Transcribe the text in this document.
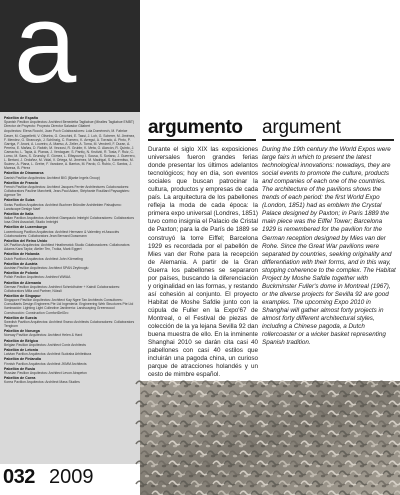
a
Pabellón de España
Spanish Pavilion Arquitectos: Architect Benedetta Tagliabue (Miralles Tagliabue EMBT) Director de Proyecto: Proyecto Director Salvador Gilabert
Arquitectos: Elena Rocchi, Joan Poch Colaboradores: Lola Domènech, M. Fabrice Daver, M. Cappelletti, V. Oliveira, G. Cecchini, E. Tassi, J. Loh, G. Scherer, M. Jiménez, F. Mendez, G. Stranczyk, J. Schlinzig, C. Romero, K. Arregui, A. Torrado, A. Pinto, P. Garriga, F. Anoni, A. Loureiro, A. Maeso, A. Zeiler, A. Toma, M. Vendrell, F. Duran, A. Pereira, E. Mañas, D. Rafoth, M. Vezzosi, R. Grubbr, K. Meta, O. Alarcón, R. Quinto, J. Camacho, L. Tapia, A. Planas, J. Verdaguer, S. Pantiç, N. Krutizki, R. Tosta, F. Ruiz, C. Lomo, M. Sans, S. Grunsky, E. Gómez, L. Elfayoumy, I. Sousa, S. Soriano, J. Guerrero, L. Bertani, J. Ordoñez, M. Vidal, V. Ortega, M. Jiménez, M. Madrigal, S. Kanemitsu, M. Suárez, A. Plana, L. Grebe, F. Vandone, A. Barrios, M. Pardo, G. Rubio, C. Santos, J. Mareza, B. Pérez
Pabellón de Dinamarca
Danish Pavilion Arquitectos: Architect BIG (Bjarke Ingels Group)
Pabellón de Francia
French Pavilion Arquitectos: Architect Jacques Ferrier Architectures Colaboradores: Collaborators Pauline Marchetti, Jean-Paul Adam, Stéphanie Rouillard Paysagistes: Agence Ter
Pabellón de Suiza
Swiss Pavilion Arquitectos: Architect Buchner Bründler Architekten Paisajismo: Landscape Design Naef
Pabellón de Italia
Italian Pavilion Arquitectos: Architect Giampaolo Imbrighi Colaboradores: Collaborators Iosa Ghini Associati, Studio Imbrighi
Pabellón de Luxemburgo
Luxembourg Pavilion Arquitectos: Architect Hermann & Valentiny et Associés Colaboradores: Collaborators Jean Bernard Dossmann
Pabellón del Reino Unido
UK Pavilion Arquitectos: Architect Heatherwick Studio Colaboradores: Collaborators Adams Kara Taylor, Atelier Ten, Troika, Mark Eggert
Pabellón de Holanda
Dutch Pavilion Arquitectos: Architect John Körmeling
Pabellón de Austria
Austrian Pavilion Arquitectos: Architect SPAN Zeytinoglu
Pabellón de Polonia
Polish Pavilion Arquitectos: Architect WWAA
Pabellón de Alemania
German Pavilion Arquitectos: Architect Schmidhuber + Kaindl Colaboradores: Collaborators Milla und Partner, Nüssli
Pabellón de Singapur
Singapore Pavilion Arquitectos: Architect Kay Ngee Tan Architects Consultores: Consultants Design Engineers Pte Ltd Ingeniería: Engineering Web Structures Pte Ltd Iluminación: Lighting Light Collective Jardinería: Landscaping Greenwood Construcción: Construction ComfortDelGro
Pabellón de Suecia
Swedish Pavilion Arquitectos: Architect Sweco Architects Colaboradores: Collaborators Tengbom
Pabellón de Noruega
Norway Pavilion Arquitectos: Architect Helen & Hard
Pabellón de Bélgica
Belgian Pavilion Arquitectos: Architect Conix Architects
Pabellón de Letonia
Latvian Pavilion Arquitectos: Architect Sudraba Arhitektura
Pabellón de Finlandia
Finnish Pavilion Arquitectos: Architect JKMM Architects
Pabellón de Rusia
Russian Pavilion Arquitectos: Architect Levon Airapetov
Pabellón de Corea
Korea Pavilion Arquitectos: Architect Mass Studies
032 2009
argumento argument
Durante el siglo XIX las exposiciones universales fueron grandes ferias donde presentar los últimos adelantos tecnológicos; hoy en día, son eventos sociales que buscan patrocinar la cultura, productos y empresas de cada país. La arquitectura de los pabellones refleja la moda de cada época: la primera expo universal (Londres, 1851) tuvo como insignia el Palacio de Cristal de Paxton; para la de París de 1889 se construyó la torre Eiffel; Barcelona 1929 es recordada por el pabellón de Mies van der Rohe para la recepción de Alemania. A partir de la Gran Guerra los pabellones se separaron por países, buscando la diferenciación y originalidad en las formas, y restando así cohesión al conjunto. El proyecto Habitat de Moshe Safdie junto con la cúpula de Fuller en la Expo'67 de Montreal, o el Festival de piezas de colección de la ya lejana Sevilla 92 dan buena muestra de ello. En la inminente Shanghai 2010 se darán cita casi 40 pabellones con casi 40 estilos que incluirán una pagoda china, un curioso parque de atracciones holandés y un cesto de mimbre español.
During the 19th century the World Expos were large fairs in which to present the latest technological innovations: nowadays, they are social events to promote the culture, products and companies of each one of the countries. The architecture of the pavilions shows the trends of each period: the first World Expo (London, 1851) had as emblem the Crystal Palace designed by Paxton; in Paris 1889 the main piece was the Eiffel Tower; Barcelona 1929 is remembered for the pavilion for the German reception designed by Mies van der Rohe. Since the Great War pavilions were separated by countries, seeking originality and differentiation with their forms, and in this way, stopping coherence to the complex. The Habitat Project by Moshe Safdie together with Buckminster Fuller's dome in Montreal (1967), or the diverse projects for Sevilla 92 are good examples. The upcoming Expo 2010 in Shanghai will gather almost forty projects in almost forty different architectural styles, including a Chinese pagoda, a Dutch rollercoaster or a wicker basket representing Spanish tradition.
